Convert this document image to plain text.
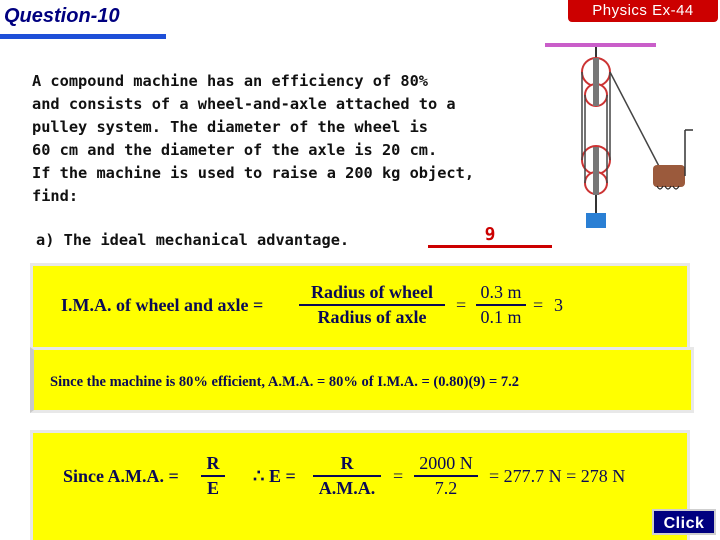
Question-10	Physics Ex-44
A compound machine has an efficiency of 80%
and consists of a wheel-and-axle attached to a
pulley system. The diameter of the wheel is
60 cm and the diameter of the axle is 20 cm.
If the machine is used to raise a 200 kg object,
find:
a) The ideal mechanical advantage.	9
I.M.A. of wheel and axle =
Radius of wheel
Radius of axle
=
0.3 m
0.1 m
= 3
Since the machine is 80% efficient, A.M.A. = 80% of I.M.A. = (0.80)(9) = 7.2
Since A.M.A. =
R
E
∴ E =
R
A.M.A.
=
2000 N
7.2
= 277.7 N = 278 N
Click
